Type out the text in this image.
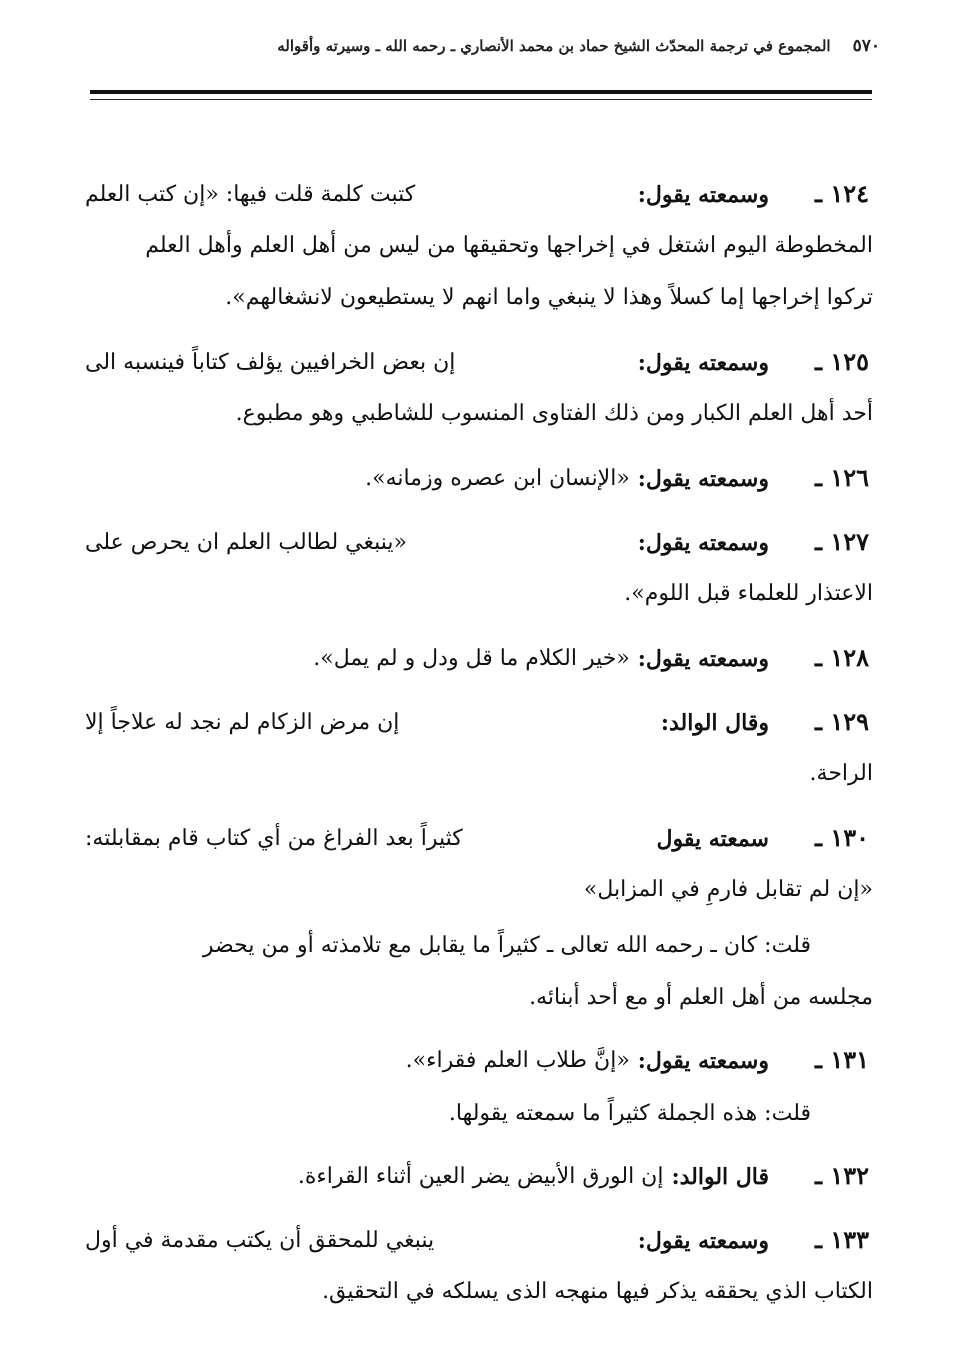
٥٧٠
المجموع في ترجمة المحدّث الشيخ حماد بن محمد الأنصاري ـ رحمه الله ـ وسيرته وأقواله
١٢٤ ـ
وسمعته يقول:
كتبت كلمة قلت فيها: «إن كتب العلم
المخطوطة اليوم اشتغل في إخراجها وتحقيقها من ليس من أهل العلم وأهل العلم
تركوا إخراجها إما كسلاً وهذا لا ينبغي واما انهم لا يستطيعون لانشغالهم».
١٢٥ ـ
وسمعته يقول:
إن بعض الخرافيين يؤلف كتاباً فينسبه الى
أحد أهل العلم الكبار ومن ذلك الفتاوى المنسوب للشاطبي وهو مطبوع.
١٢٦ ـ
وسمعته يقول:
«الإنسان ابن عصره وزمانه».
١٢٧ ـ
وسمعته يقول:
«ينبغي لطالب العلم ان يحرص على
الاعتذار للعلماء قبل اللوم».
١٢٨ ـ
وسمعته يقول:
«خير الكلام ما قل ودل و لم يمل».
١٢٩ ـ
وقال الوالد:
إن مرض الزكام لم نجد له علاجاً إلا
الراحة.
١٣٠ ـ
سمعته يقول
كثيراً بعد الفراغ من أي كتاب قام بمقابلته:
«إن لم تقابل فارمِ في المزابل»
قلت: كان ـ رحمه الله تعالى ـ كثيراً ما يقابل مع تلامذته أو من يحضر
مجلسه من أهل العلم أو مع أحد أبنائه.
١٣١ ـ
وسمعته يقول:
«إنَّ طلاب العلم فقراء».
قلت: هذه الجملة كثيراً ما سمعته يقولها.
١٣٢ ـ
قال الوالد:
إن الورق الأبيض يضر العين أثناء القراءة.
١٣٣ ـ
وسمعته يقول:
ينبغي للمحقق أن يكتب مقدمة في أول
الكتاب الذي يحققه يذكر فيها منهجه الذى يسلكه في التحقيق.
